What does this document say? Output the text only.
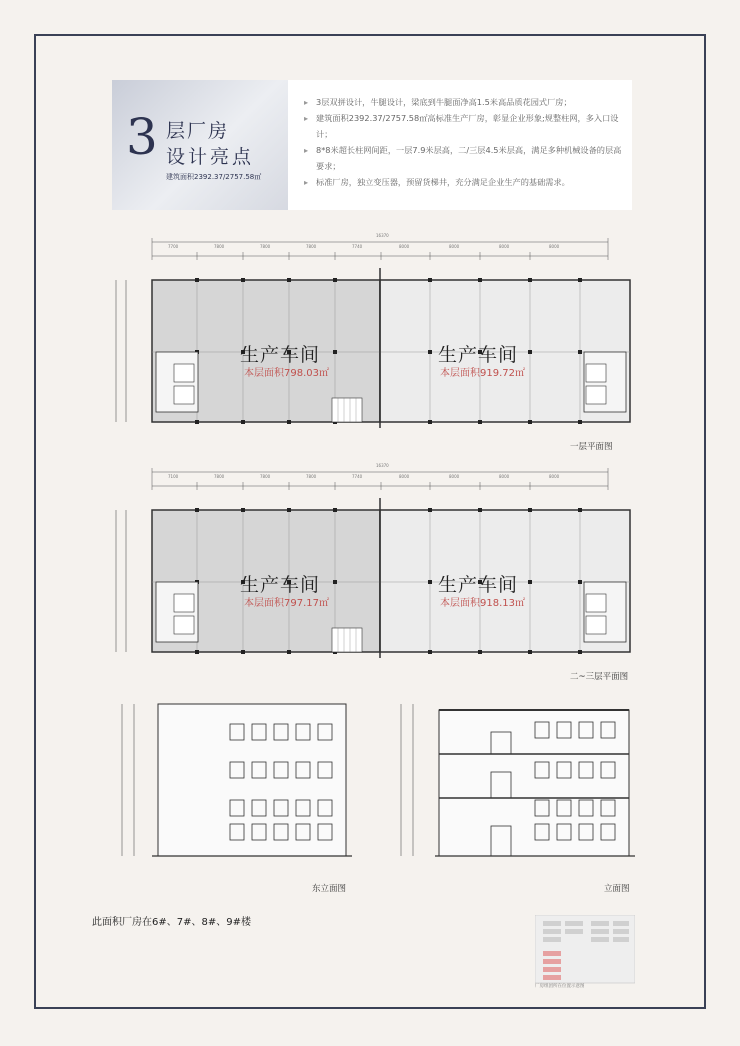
3 层厂房
设计亮点
建筑面积2392.37/2757.58㎡
▸ 3层双拼设计，牛腿设计，梁底到牛腿面净高1.5米高品质花园式厂房；
▸ 建筑面积2392.37/2757.58㎡高标准生产厂房，彰显企业形象;规整柱网，多入口设计；
▸ 8*8米超长柱网间距，一层7.9米层高，二/三层4.5米层高，满足多种机械设备的层高要求；
▸ 标准厂房，独立变压器，预留货梯井，充分满足企业生产的基础需求。
16370
生产车间
本层面积798.03㎡
生产车间
本层面积919.72㎡
一层平面图
7700	7800	7800	7800	7740	8000	8000	8000	8000
16370
生产车间
本层面积797.17㎡
生产车间
本层面积918.13㎡
二~三层平面图
7100	7800	7800	7800	7740	8000	8000	8000	8000
东立面图	立面图
此面积厂房在6#、7#、8#、9#楼
厂房组团所在位置示意图
